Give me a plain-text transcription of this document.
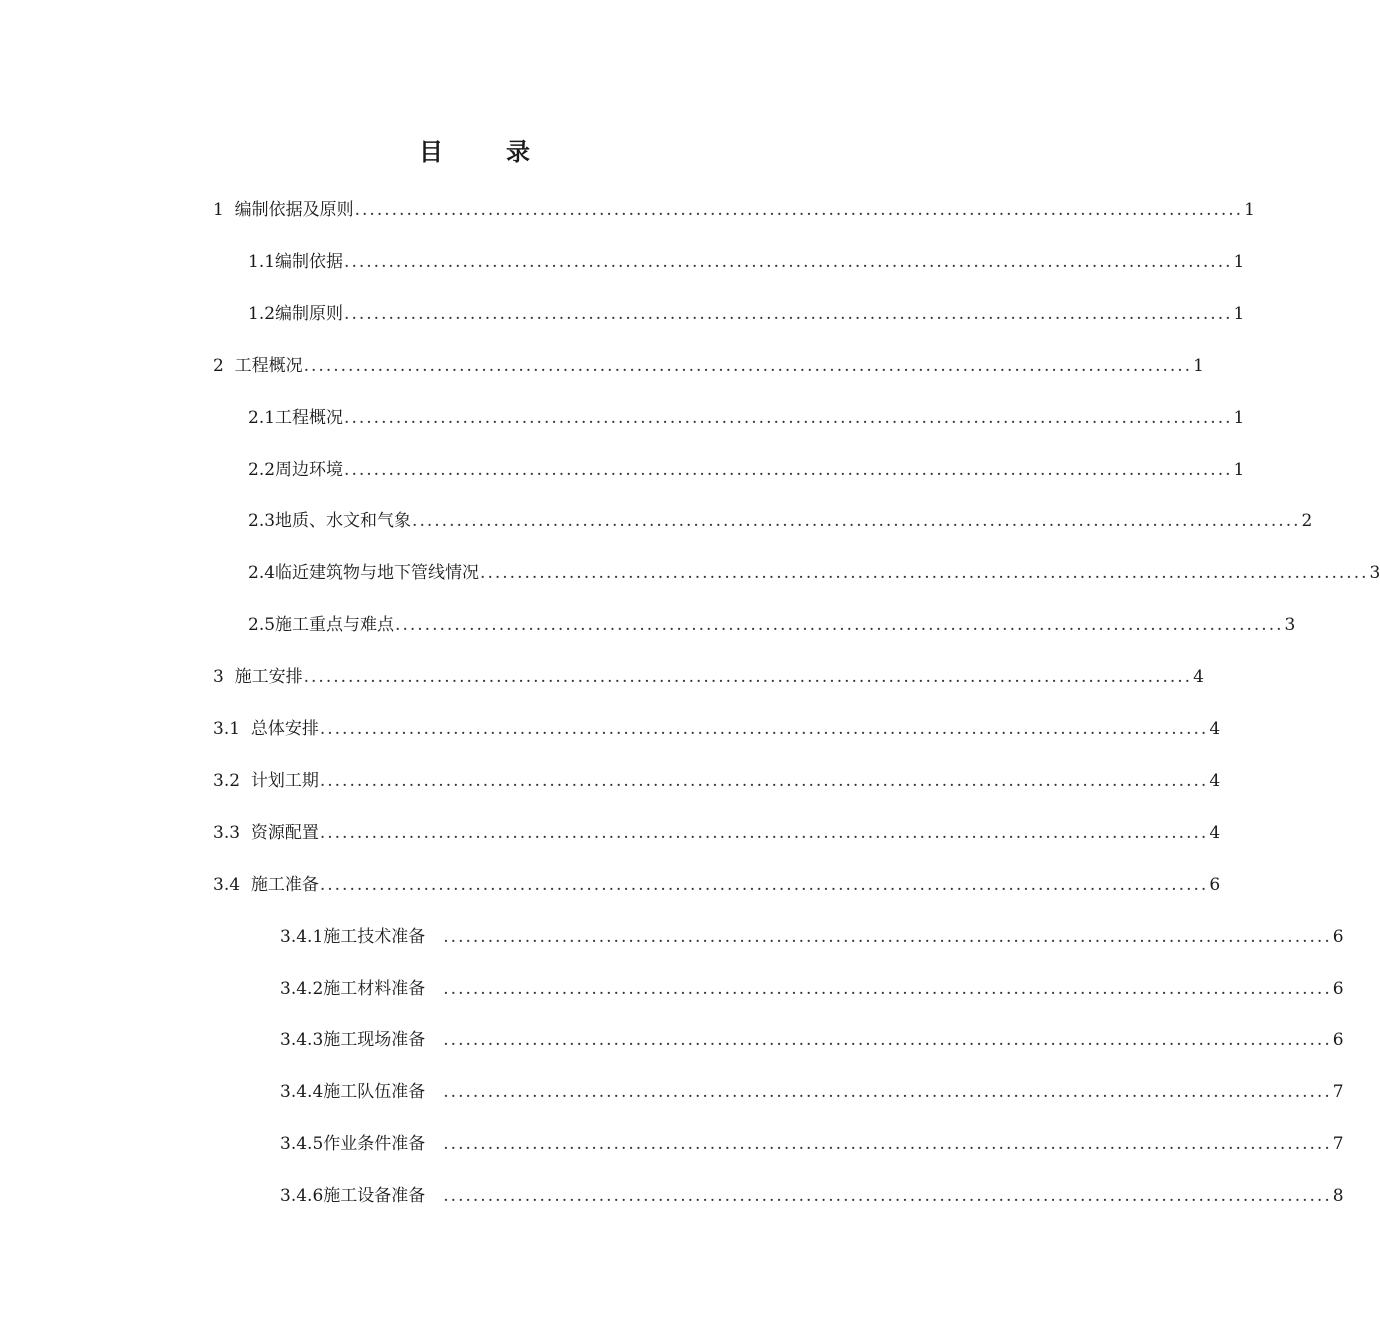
目	录
1  编制依据及原则 ........................................................................................................................ 1
1.1编制依据 ........................................................................................................................ 1
1.2编制原则 ........................................................................................................................ 1
2  工程概况 ........................................................................................................................ 1
2.1工程概况 ........................................................................................................................ 1
2.2周边环境 ........................................................................................................................ 1
2.3地质、水文和气象 ........................................................................................................................ 2
2.4临近建筑物与地下管线情况 ........................................................................................................................ 3
2.5施工重点与难点 ........................................................................................................................ 3
3  施工安排 ........................................................................................................................ 4
3.1  总体安排 ........................................................................................................................ 4
3.2  计划工期 ........................................................................................................................ 4
3.3  资源配置 ........................................................................................................................ 4
3.4  施工准备 ........................................................................................................................ 6
3.4.1施工技术准备 ........................................................................................................................ 6
3.4.2施工材料准备 ........................................................................................................................ 6
3.4.3施工现场准备 ........................................................................................................................ 6
3.4.4施工队伍准备 ........................................................................................................................ 7
3.4.5作业条件准备 ........................................................................................................................ 7
3.4.6施工设备准备 ........................................................................................................................ 8
